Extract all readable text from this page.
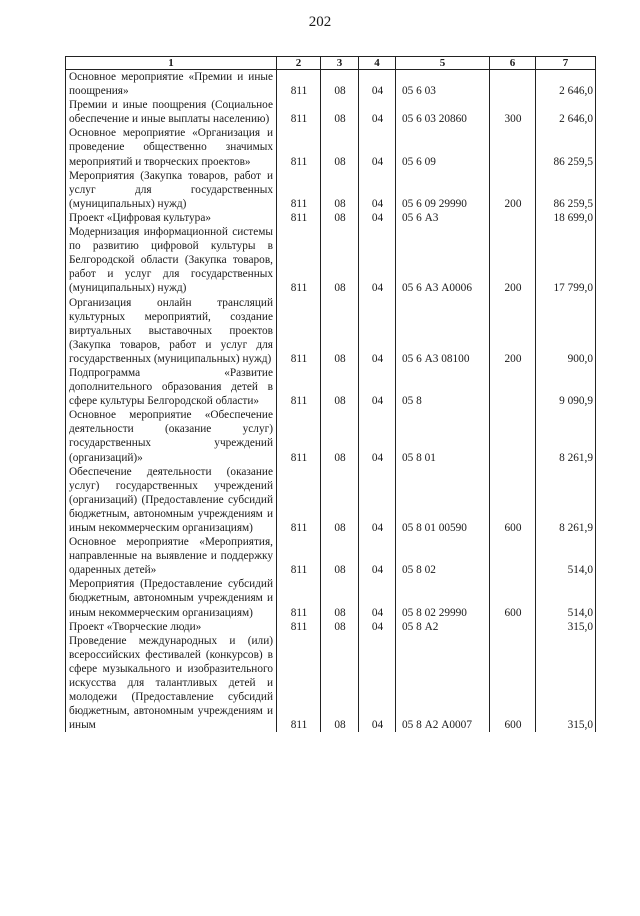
202
1	2	3	4	5	6	7
Основное мероприятие «Премии и иные поощрения»	811	08	04	05 6 03		2 646,0
Премии и иные поощрения (Социальное обеспечение и иные выплаты населению)	811	08	04	05 6 03 20860	300	2 646,0
Основное мероприятие «Организация и проведение общественно значимых мероприятий и творческих проектов»	811	08	04	05 6 09		86 259,5
Мероприятия (Закупка товаров, работ и услуг для государственных (муниципальных) нужд)	811	08	04	05 6 09 29990	200	86 259,5
Проект «Цифровая культура»	811	08	04	05 6 А3		18 699,0
Модернизация информационной системы по развитию цифровой культуры в Белгородской области (Закупка товаров, работ и услуг для государственных (муниципальных) нужд)	811	08	04	05 6 А3 А0006	200	17 799,0
Организация онлайн трансляций культурных мероприятий, создание виртуальных выставочных проектов (Закупка товаров, работ и услуг для государственных (муниципальных) нужд)	811	08	04	05 6 А3 08100	200	900,0
Подпрограмма «Развитие дополнительного образования детей в сфере культуры Белгородской области»	811	08	04	05 8		9 090,9
Основное мероприятие «Обеспечение деятельности (оказание услуг) государственных учреждений (организаций)»	811	08	04	05 8 01		8 261,9
Обеспечение деятельности (оказание услуг) государственных учреждений (организаций) (Предоставление субсидий бюджетным, автономным учреждениям и иным некоммерческим организациям)	811	08	04	05 8 01 00590	600	8 261,9
Основное мероприятие «Мероприятия, направленные на выявление и поддержку одаренных детей»	811	08	04	05 8 02		514,0
Мероприятия (Предоставление субсидий бюджетным, автономным учреждениям и иным некоммерческим организациям)	811	08	04	05 8 02 29990	600	514,0
Проект «Творческие люди»	811	08	04	05 8 А2		315,0
Проведение международных и (или) всероссийских фестивалей (конкурсов) в сфере музыкального и изобразительного искусства для талантливых детей и молодежи (Предоставление субсидий бюджетным, автономным учреждениям и иным	811	08	04	05 8 А2 А0007	600	315,0
